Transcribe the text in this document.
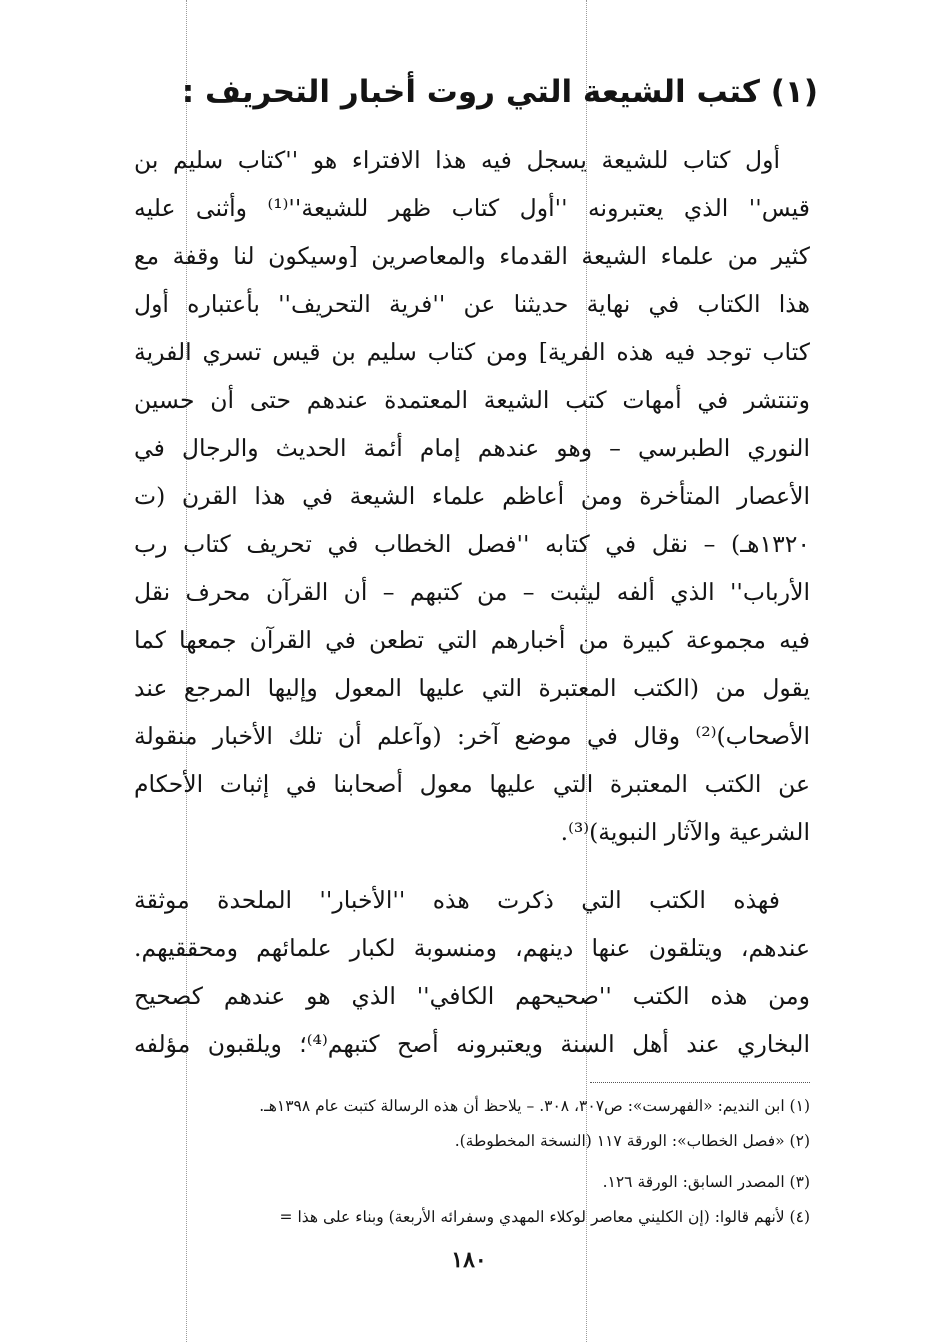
(١) كتب الشيعة التي روت أخبار التحريف :
أول كتاب للشيعة يسجل فيه هذا الافتراء هو ''كتاب سليم بن
قيس'' الذي يعتبرونه ''أول كتاب ظهر للشيعة''⁽¹⁾ وأثنى عليه
كثير من علماء الشيعة القدماء والمعاصرين [وسيكون لنا وقفة مع
هذا الكتاب في نهاية حديثنا عن ''فرية التحريف'' بأعتباره أول
كتاب توجد فيه هذه الفرية] ومن كتاب سليم بن قيس تسري الفرية
وتنتشر في أمهات كتب الشيعة المعتمدة عندهم حتى أن حسين
النوري الطبرسي – وهو عندهم إمام أئمة الحديث والرجال في
الأعصار المتأخرة ومن أعاظم علماء الشيعة في هذا القرن (ت
١٣٢٠هـ) – نقل في كتابه ''فصل الخطاب في تحريف كتاب رب
الأرباب'' الذي ألفه ليثبت – من كتبهم – أن القرآن محرف نقل
فيه مجموعة كبيرة من أخبارهم التي تطعن في القرآن جمعها كما
يقول من (الكتب المعتبرة التي عليها المعول وإليها المرجع عند
الأصحاب)⁽²⁾ وقال في موضع آخر: (وآعلم أن تلك الأخبار منقولة
عن الكتب المعتبرة التي عليها معول أصحابنا في إثبات الأحكام
الشرعية والآثار النبوية)⁽³⁾.
فهذه الكتب التي ذكرت هذه ''الأخبار'' الملحدة موثقة
عندهم، ويتلقون عنها دينهم، ومنسوبة لكبار علمائهم ومحققيهم.
ومن هذه الكتب ''صحيحهم الكافي'' الذي هو عندهم كصحيح
البخاري عند أهل السنة ويعتبرونه أصح كتبهم⁽⁴⁾؛ ويلقبون مؤلفه
(١) ابن النديم: «الفهرست»: ص٣٠٧، ٣٠٨. – يلاحظ أن هذه الرسالة كتبت عام ١٣٩٨هـ.
(٢) «فصل الخطاب»: الورقة ١١٧ (النسخة المخطوطة).
(٣) المصدر السابق: الورقة ١٢٦.
(٤) لأنهم قالوا: (إن الكليني معاصر لوكلاء المهدي وسفرائه الأربعة) وبناء على هذا =
١٨٠
